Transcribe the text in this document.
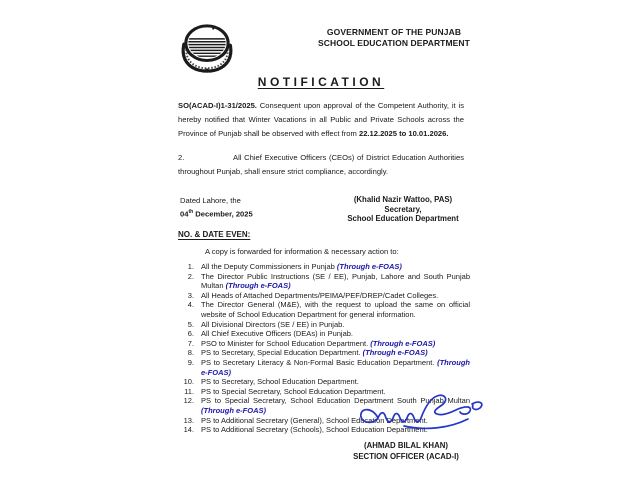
GOVERNMENT OF THE PUNJAB
SCHOOL EDUCATION DEPARTMENT
NOTIFICATION

SO(ACAD-I)1-31/2025. Consequent upon approval of the Competent Authority, it is hereby notified that Winter Vacations in all Public and Private Schools across the Province of Punjab shall be observed with effect from 22.12.2025 to 10.01.2026.

2.	All Chief Executive Officers (CEOs) of District Education Authorities throughout Punjab, shall ensure strict compliance, accordingly.

Dated Lahore, the
04th December, 2025
(Khalid Nazir Wattoo, PAS)
Secretary,
School Education Department
NO. & DATE EVEN:
A copy is forwarded for information & necessary action to:
1. All the Deputy Commissioners in Punjab (Through e-FOAS)
2. The Director Public Instructions (SE / EE), Punjab, Lahore and South Punjab Multan (Through e-FOAS)
3. All Heads of Attached Departments/PEIMA/PEF/DREP/Cadet Colleges.
4. The Director General (M&E), with the request to upload the same on official website of School Education Department for general information.
5. All Divisional Directors (SE / EE) in Punjab.
6. All Chief Executive Officers (DEAs) in Punjab.
7. PSO to Minister for School Education Department. (Through e-FOAS)
8. PS to Secretary, Special Education Department. (Through e-FOAS)
9. PS to Secretary Literacy & Non-Formal Basic Education Department. (Through e-FOAS)
10. PS to Secretary, School Education Department.
11. PS to Special Secretary, School Education Department.
12. PS to Special Secretary, School Education Department South Punjab Multan (Through e-FOAS)
13. PS to Additional Secretary (General), School Education Department.
14. PS to Additional Secretary (Schools), School Education Department.
(AHMAD BILAL KHAN)
SECTION OFFICER (ACAD-I)
